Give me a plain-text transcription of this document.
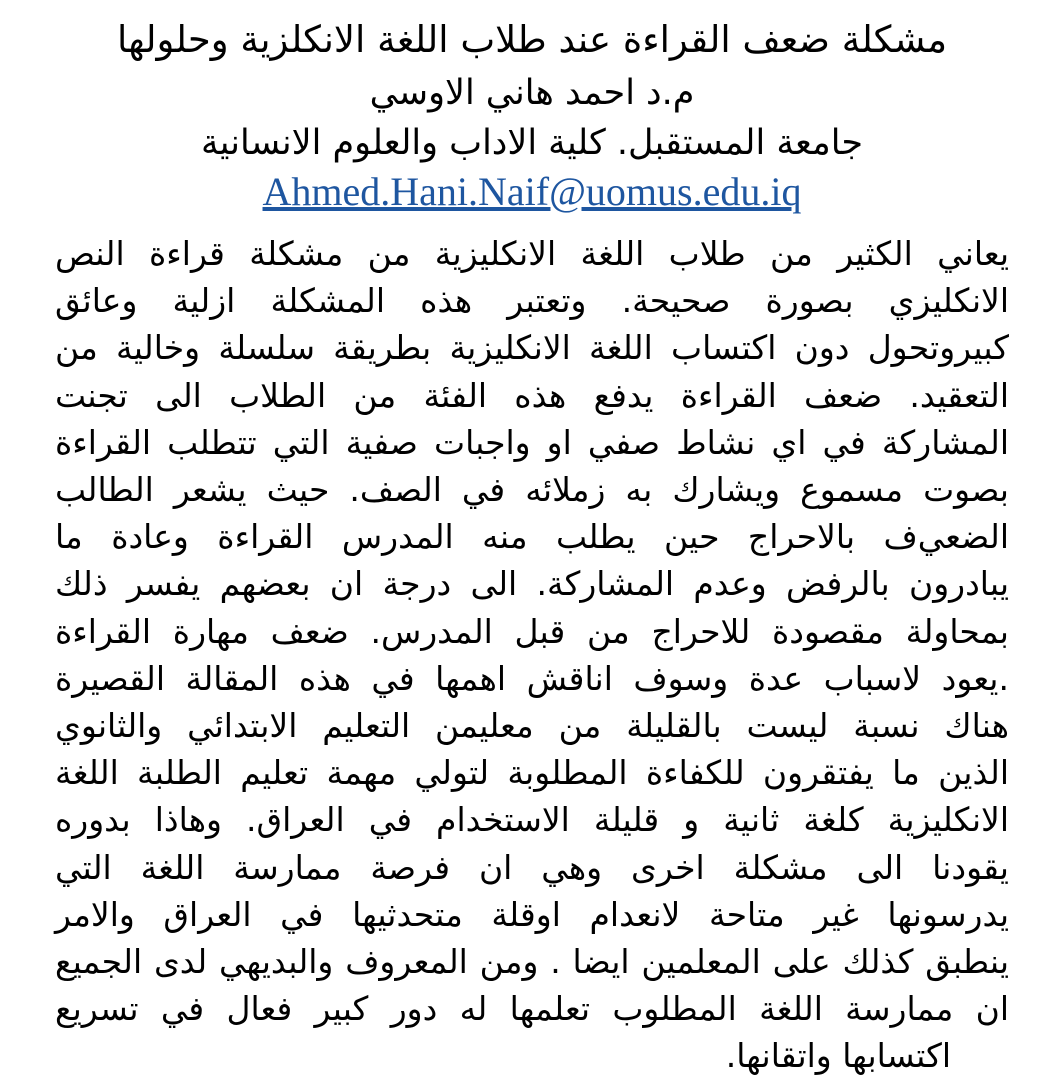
مشكلة ضعف القراءة عند طلاب اللغة الانكلزية وحلولها
م.د احمد هاني الاوسي
جامعة المستقبل. كلية الاداب والعلوم الانسانية
Ahmed.Hani.Naif@uomus.edu.iq
يعاني الكثير من طلاب اللغة الانكليزية من مشكلة قراءة النص
الانكليزي بصورة صحيحة. وتعتبر هذه المشكلة ازلية وعائق
كبيروتحول دون اكتساب اللغة الانكليزية بطريقة سلسلة وخالية من
التعقيد. ضعف القراءة يدفع هذه الفئة من الطلاب الى تجنت
المشاركة في اي نشاط صفي او واجبات صفية التي تتطلب القراءة
بصوت مسموع ويشارك به زملائه في الصف. حيث يشعر الطالب
الضعي‌ف بالاحراج حين يطلب منه المدرس القراءة وعادة ما
يبادرون بالرفض وعدم المشاركة. الى درجة ان بعضهم يفسر ذلك
بمحاولة مقصودة للاحراج من قبل المدرس. ضعف مهارة القراءة
.يعود لاسباب عدة وسوف اناقش اهمها في هذه المقالة القصيرة
هناك نسبة ليست بالقليلة من معليمن التعليم الابتدائي والثانوي
الذين ما يفتقرون للكفاءة المطلوبة لتولي مهمة تعليم الطلبة اللغة
الانكليزية كلغة ثانية و قليلة الاستخدام في العراق. وهاذا بدوره
يقودنا الى مشكلة اخرى وهي ان فرصة ممارسة اللغة التي
يدرسونها غير متاحة لانعدام اوقلة متحدثيها في العراق والامر
ينطبق كذلك على المعلمين ايضا . ومن المعروف والبديهي لدى الجميع
ان ممارسة اللغة المطلوب تعلمها له دور كبير فعال في تسريع
اكتسابها واتقانها.
